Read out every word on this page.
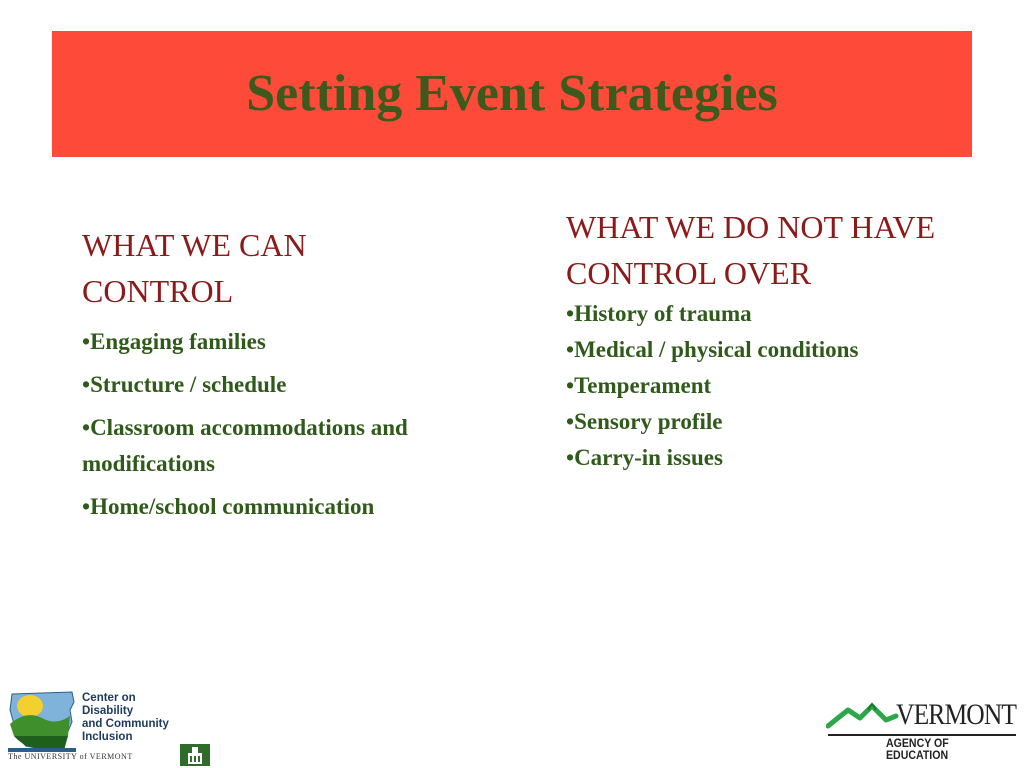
Setting Event Strategies
WHAT WE CAN CONTROL
•Engaging families
•Structure / schedule
•Classroom accommodations and modifications
•Home/school communication
WHAT WE DO NOT HAVE CONTROL OVER
•History of trauma
•Medical / physical conditions
•Temperament
•Sensory profile
•Carry-in issues
Center on
Disability
and Community
Inclusion
The UNIVERSITY of VERMONT
VERMONT
AGENCY OF EDUCATION
